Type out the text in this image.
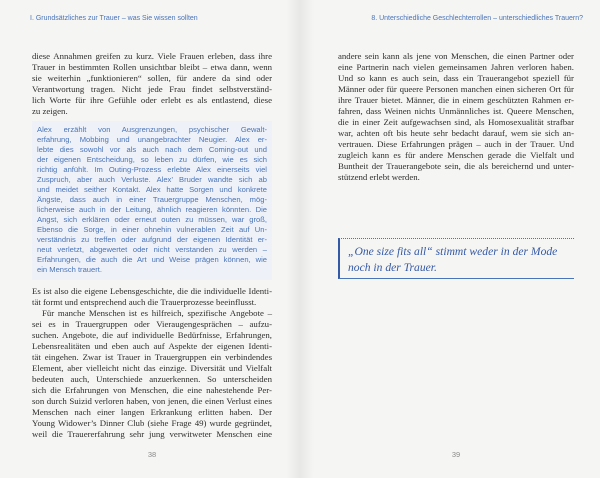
I. Grundsätzliches zur Trauer – was Sie wissen sollten
diese Annahmen greifen zu kurz. Viele Frauen erleben, dass ihre
Trauer in bestimmten Rollen unsichtbar bleibt – etwa dann, wenn
sie weiterhin „funktionieren“ sollen, für andere da sind oder
Verantwortung tragen. Nicht jede Frau findet selbstverständ-
lich Worte für ihre Gefühle oder erlebt es als entlastend, diese
zu zeigen.
Alex erzählt von Ausgrenzungen, psychischer Gewalt-
erfahrung, Mobbing und unangebrachter Neugier. Alex er-
lebte dies sowohl vor als auch nach dem Coming-out und
der eigenen Entscheidung, so leben zu dürfen, wie es sich
richtig anfühlt. Im Outing-Prozess erlebte Alex einerseits viel
Zuspruch, aber auch Verluste. Alex’ Bruder wandte sich ab
und meidet seither Kontakt. Alex hatte Sorgen und konkrete
Ängste, dass auch in einer Trauergruppe Menschen, mög-
licherweise auch in der Leitung, ähnlich reagieren könnten. Die
Angst, sich erklären oder erneut outen zu müssen, war groß,
Ebenso die Sorge, in einer ohnehin vulnerablen Zeit auf Un-
verständnis zu treffen oder aufgrund der eigenen Identität er-
neut verletzt, abgewertet oder nicht verstanden zu werden –
Erfahrungen, die auch die Art und Weise prägen können, wie
ein Mensch trauert.
Es ist also die eigene Lebensgeschichte, die die individuelle Identi-
tät formt und entsprechend auch die Trauerprozesse beeinflusst.
Für manche Menschen ist es hilfreich, spezifische Angebote –
sei es in Trauergruppen oder Vieraugengesprächen – aufzu-
suchen. Angebote, die auf individuelle Bedürfnisse, Erfahrungen,
Lebensrealitäten und eben auch auf Aspekte der eigenen Identi-
tät eingehen. Zwar ist Trauer in Trauergruppen ein verbindendes
Element, aber vielleicht nicht das einzige. Diversität und Vielfalt
bedeuten auch, Unterschiede anzuerkennen. So unterscheiden
sich die Erfahrungen von Menschen, die eine nahestehende Per-
son durch Suizid verloren haben, von jenen, die einen Verlust eines
Menschen nach einer langen Erkrankung erlitten haben. Der
Young Widower’s Dinner Club (siehe Frage 49) wurde gegründet,
weil die Trauererfahrung sehr jung verwitweter Menschen eine
38
8. Unterschiedliche Geschlechterrollen – unterschiedliches Trauern?
andere sein kann als jene von Menschen, die einen Partner oder
eine Partnerin nach vielen gemeinsamen Jahren verloren haben.
Und so kann es auch sein, dass ein Trauerangebot speziell für
Männer oder für queere Personen manchen einen sicheren Ort für
ihre Trauer bietet. Männer, die in einem geschützten Rahmen er-
fahren, dass Weinen nichts Unmännliches ist. Queere Menschen,
die in einer Zeit aufgewachsen sind, als Homosexualität strafbar
war, achten oft bis heute sehr bedacht darauf, wem sie sich an-
vertrauen. Diese Erfahrungen prägen – auch in der Trauer. Und
zugleich kann es für andere Menschen gerade die Vielfalt und
Buntheit der Trauerangebote sein, die als bereichernd und unter-
stützend erlebt werden.
„One size fits all“ stimmt weder in der Mode
noch in der Trauer.
39
